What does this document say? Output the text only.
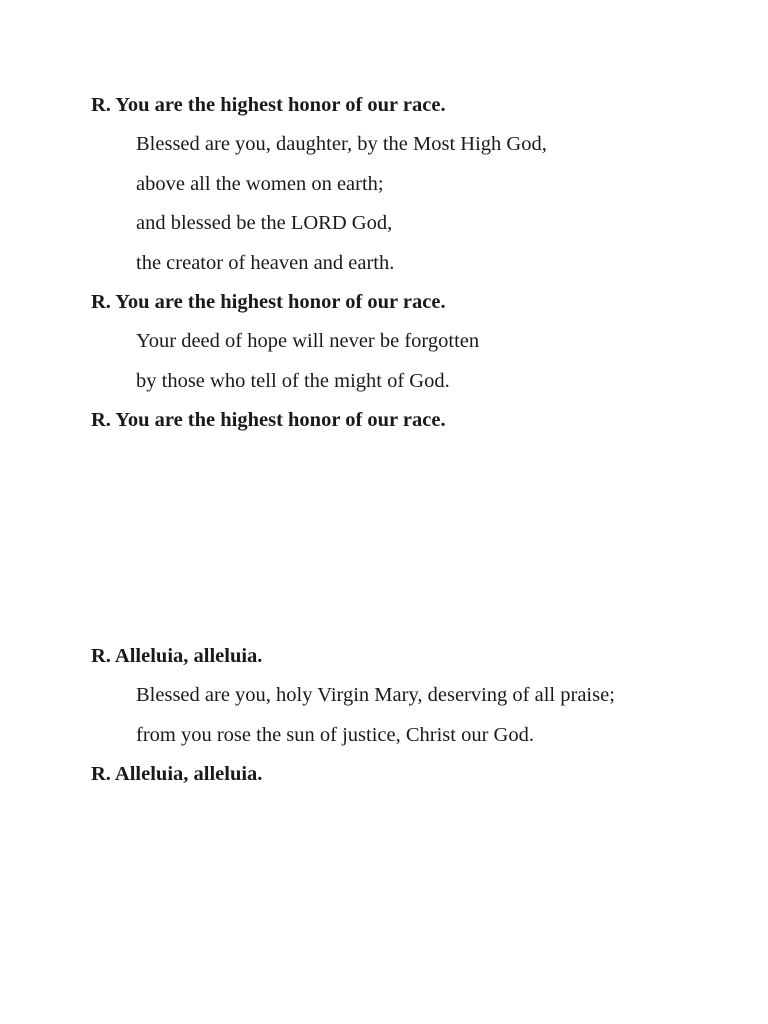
R. You are the highest honor of our race.
Blessed are you, daughter, by the Most High God,
above all the women on earth;
and blessed be the LORD God,
the creator of heaven and earth.
R. You are the highest honor of our race.
Your deed of hope will never be forgotten
by those who tell of the might of God.
R. You are the highest honor of our race.
R. Alleluia, alleluia.
Blessed are you, holy Virgin Mary, deserving of all praise;
from you rose the sun of justice, Christ our God.
R. Alleluia, alleluia.
